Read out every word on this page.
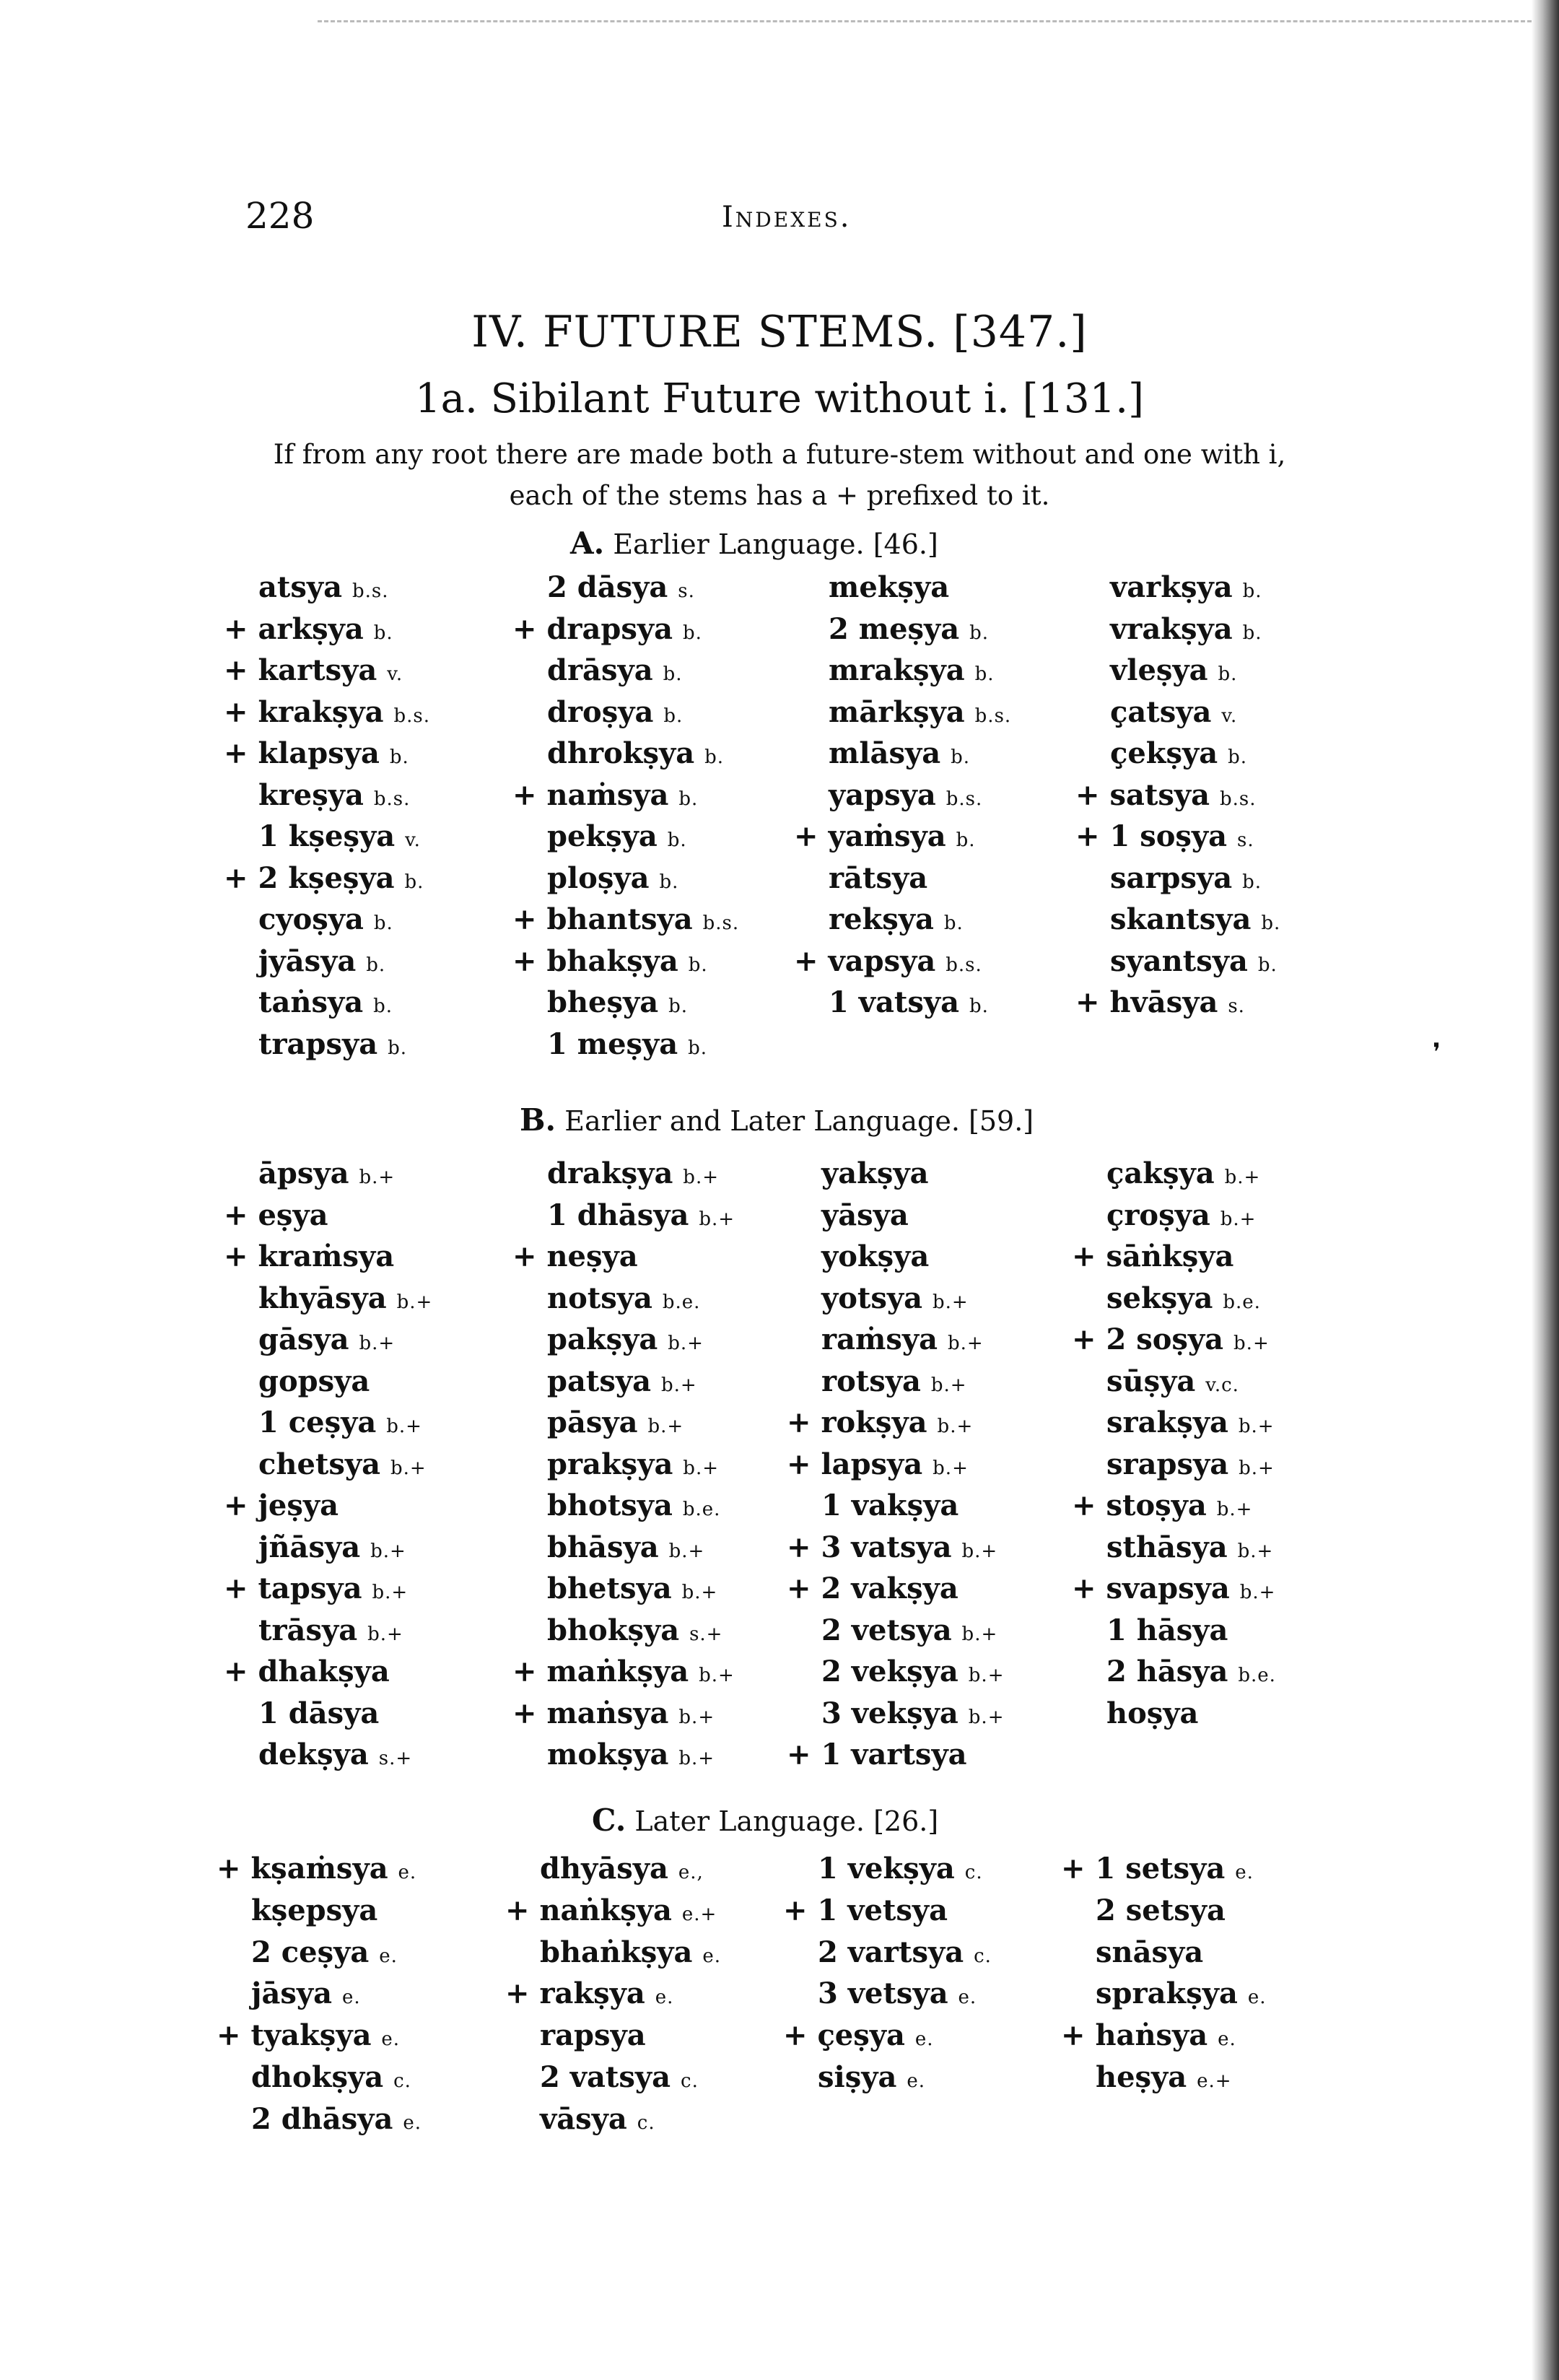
228	Indexes.
IV. FUTURE STEMS. [347.]
1a. Sibilant Future without i. [131.]
If from any root there are made both a future-stem without and one with i,
each of the stems has a + prefixed to it.
A. Earlier Language. [46.]
atsya b.s.
+ arkṣya b.
+ kartsya v.
+ krakṣya b.s.
+ klapsya b.
kreṣya b.s.
1 kṣeṣya v.
+ 2 kṣeṣya b.
cyoṣya b.
jyāsya b.
taṅsya b.
trapsya b.
2 dāsya s.
+ drapsya b.
drāsya b.
droṣya b.
dhrokṣya b.
+ naṁsya b.
pekṣya b.
ploṣya b.
+ bhantsya b.s.
+ bhakṣya b.
bheṣya b.
1 meṣya b.
mekṣya
2 meṣya b.
mrakṣya b.
mārkṣya b.s.
mlāsya b.
yapsya b.s.
+ yaṁsya b.
rātsya
rekṣya b.
+ vapsya b.s.
1 vatsya b.
varkṣya b.
vrakṣya b.
vleṣya b.
çatsya v.
çekṣya b.
+ satsya b.s.
+ 1 soṣya s.
sarpsya b.
skantsya b.
syantsya b.
+ hvāsya s.
❜
B. Earlier and Later Language. [59.]
āpsya b.+
+ eṣya
+ kraṁsya
khyāsya b.+
gāsya b.+
gopsya
1 ceṣya b.+
chetsya b.+
+ jeṣya
jñāsya b.+
+ tapsya b.+
trāsya b.+
+ dhakṣya
1 dāsya
dekṣya s.+
drakṣya b.+
1 dhāsya b.+
+ neṣya
notsya b.e.
pakṣya b.+
patsya b.+
pāsya b.+
prakṣya b.+
bhotsya b.e.
bhāsya b.+
bhetsya b.+
bhokṣya s.+
+ maṅkṣya b.+
+ maṅsya b.+
mokṣya b.+
yakṣya
yāsya
yokṣya
yotsya b.+
raṁsya b.+
rotsya b.+
+ rokṣya b.+
+ lapsya b.+
1 vakṣya
+ 3 vatsya b.+
+ 2 vakṣya
2 vetsya b.+
2 vekṣya b.+
3 vekṣya b.+
+ 1 vartsya
çakṣya b.+
çroṣya b.+
+ sāṅkṣya
sekṣya b.e.
+ 2 soṣya b.+
sūṣya v.c.
srakṣya b.+
srapsya b.+
+ stoṣya b.+
sthāsya b.+
+ svapsya b.+
1 hāsya
2 hāsya b.e.
hoṣya
C. Later Language. [26.]
+ kṣaṁsya e.
kṣepsya
2 ceṣya e.
jāsya e.
+ tyakṣya e.
dhokṣya c.
2 dhāsya e.
dhyāsya e.,
+ naṅkṣya e.+
bhaṅkṣya e.
+ rakṣya e.
rapsya
2 vatsya c.
vāsya c.
1 vekṣya c.
+ 1 vetsya
2 vartsya c.
3 vetsya e.
+ çeṣya e.
siṣya e.
+ 1 setsya e.
2 setsya
snāsya
sprakṣya e.
+ haṅsya e.
heṣya e.+
